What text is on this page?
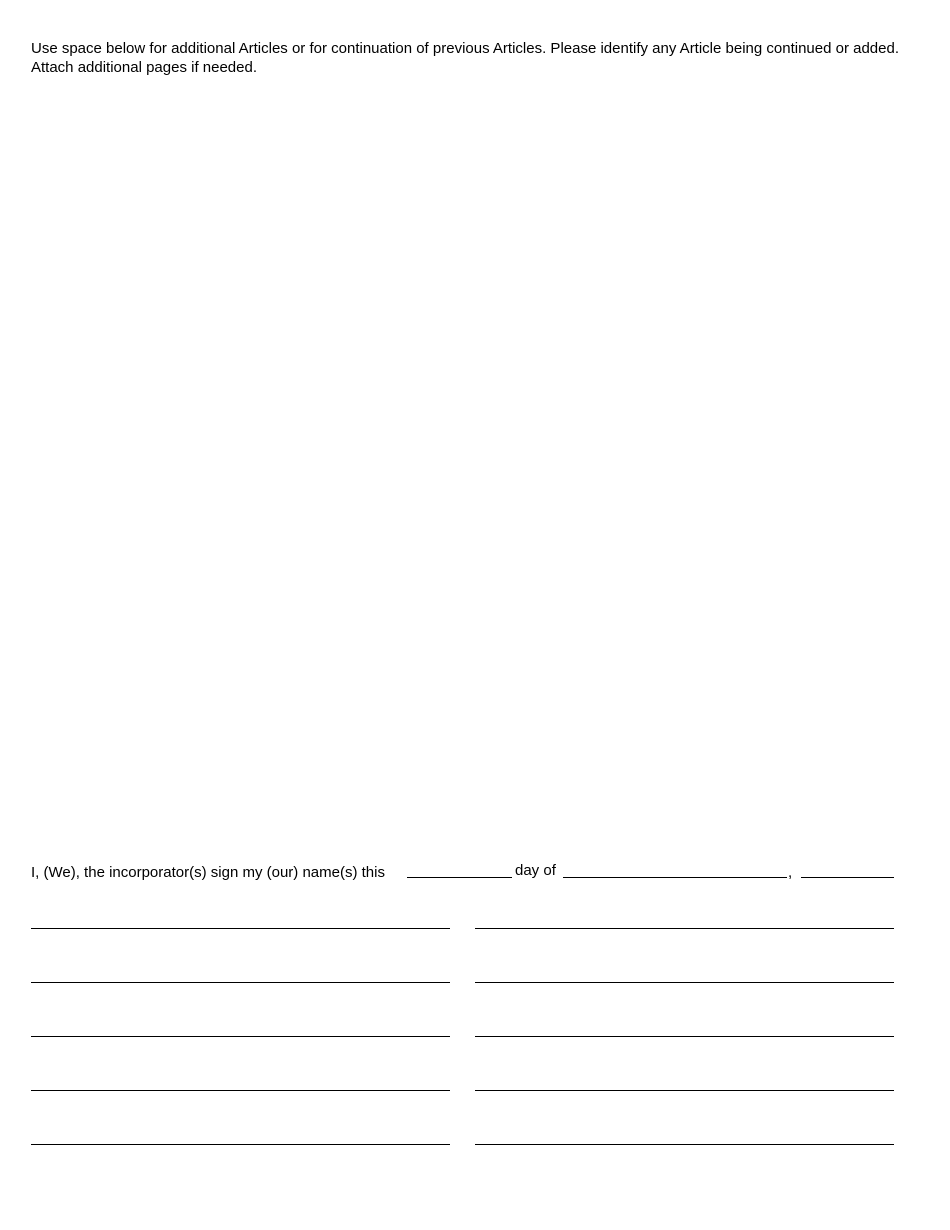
Use space below for additional Articles or for continuation of previous Articles. Please identify any Article being continued or added. Attach additional pages if needed.

I, (We), the incorporator(s) sign my (our) name(s) this	day of	,
